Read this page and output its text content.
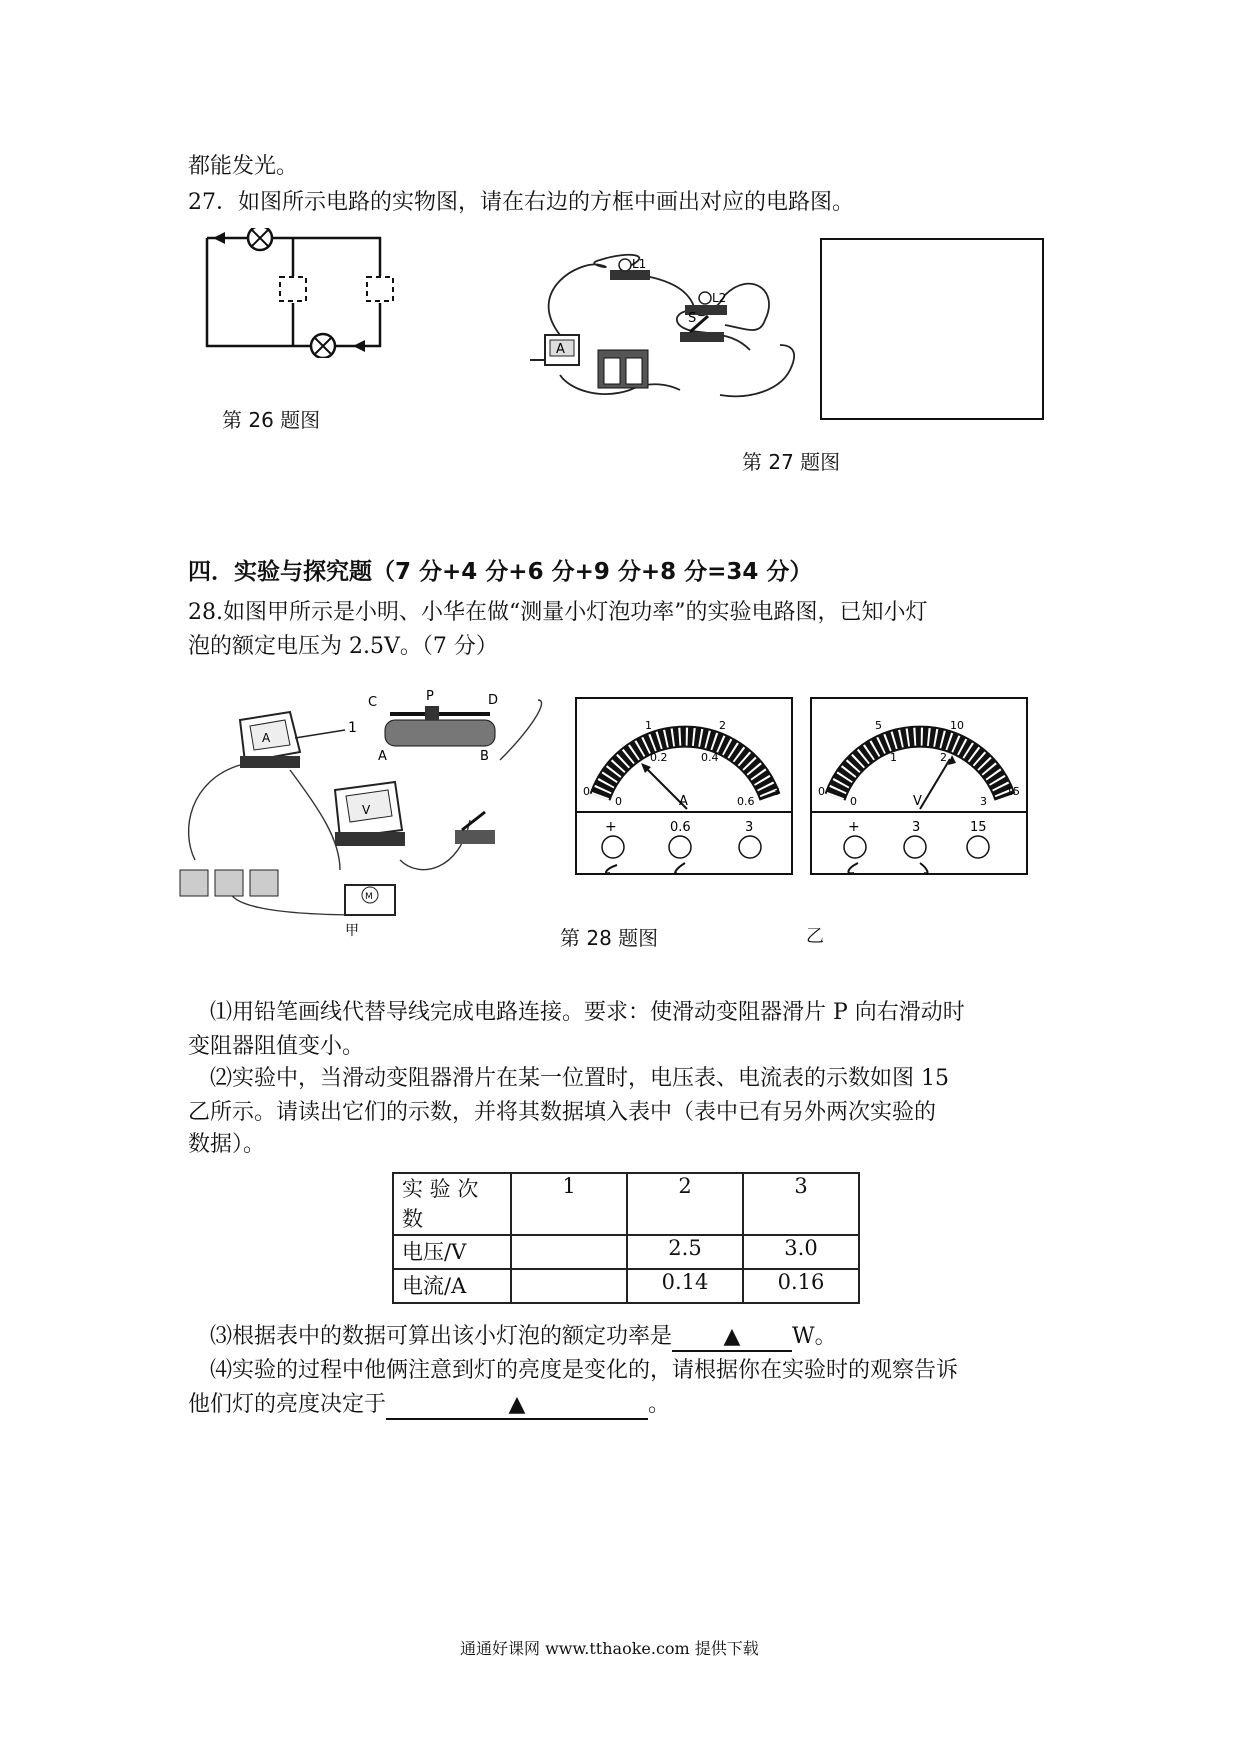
都能发光。
27．如图所示电路的实物图，请在右边的方框中画出对应的电路图。
第 26 题图
L1
L2
A
S
第 27 题图
四．实验与探究题（7 分+4 分+6 分+9 分+8 分=34 分）
28.如图甲所示是小明、小华在做“测量小灯泡功率”的实验电路图，已知小灯
泡的额定电压为 2.5V。（7 分）
A
1
C	P	D
A	B
V
M
甲	第 28 题图	乙
0
1	2
3
0
0.2	0.4
0.6
A
+	0.6	3
0
5	10
15
0
1	2
3
V
+	3	15
⑴用铅笔画线代替导线完成电路连接。要求：使滑动变阻器滑片 P 向右滑动时
变阻器阻值变小。
⑵实验中，当滑动变阻器滑片在某一位置时，电压表、电流表的示数如图 15
乙所示。请读出它们的示数，并将其数据填入表中（表中已有另外两次实验的
数据）。
实 验 次
数	1	2	3
电压/V		2.5	3.0
电流/A		0.14	0.16
⑶根据表中的数据可算出该小灯泡的额定功率是 ▲ W。
⑷实验的过程中他俩注意到灯的亮度是变化的，请根据你在实验时的观察告诉
他们灯的亮度决定于	▲	。
通通好课网 www.tthaoke.com 提供下载
